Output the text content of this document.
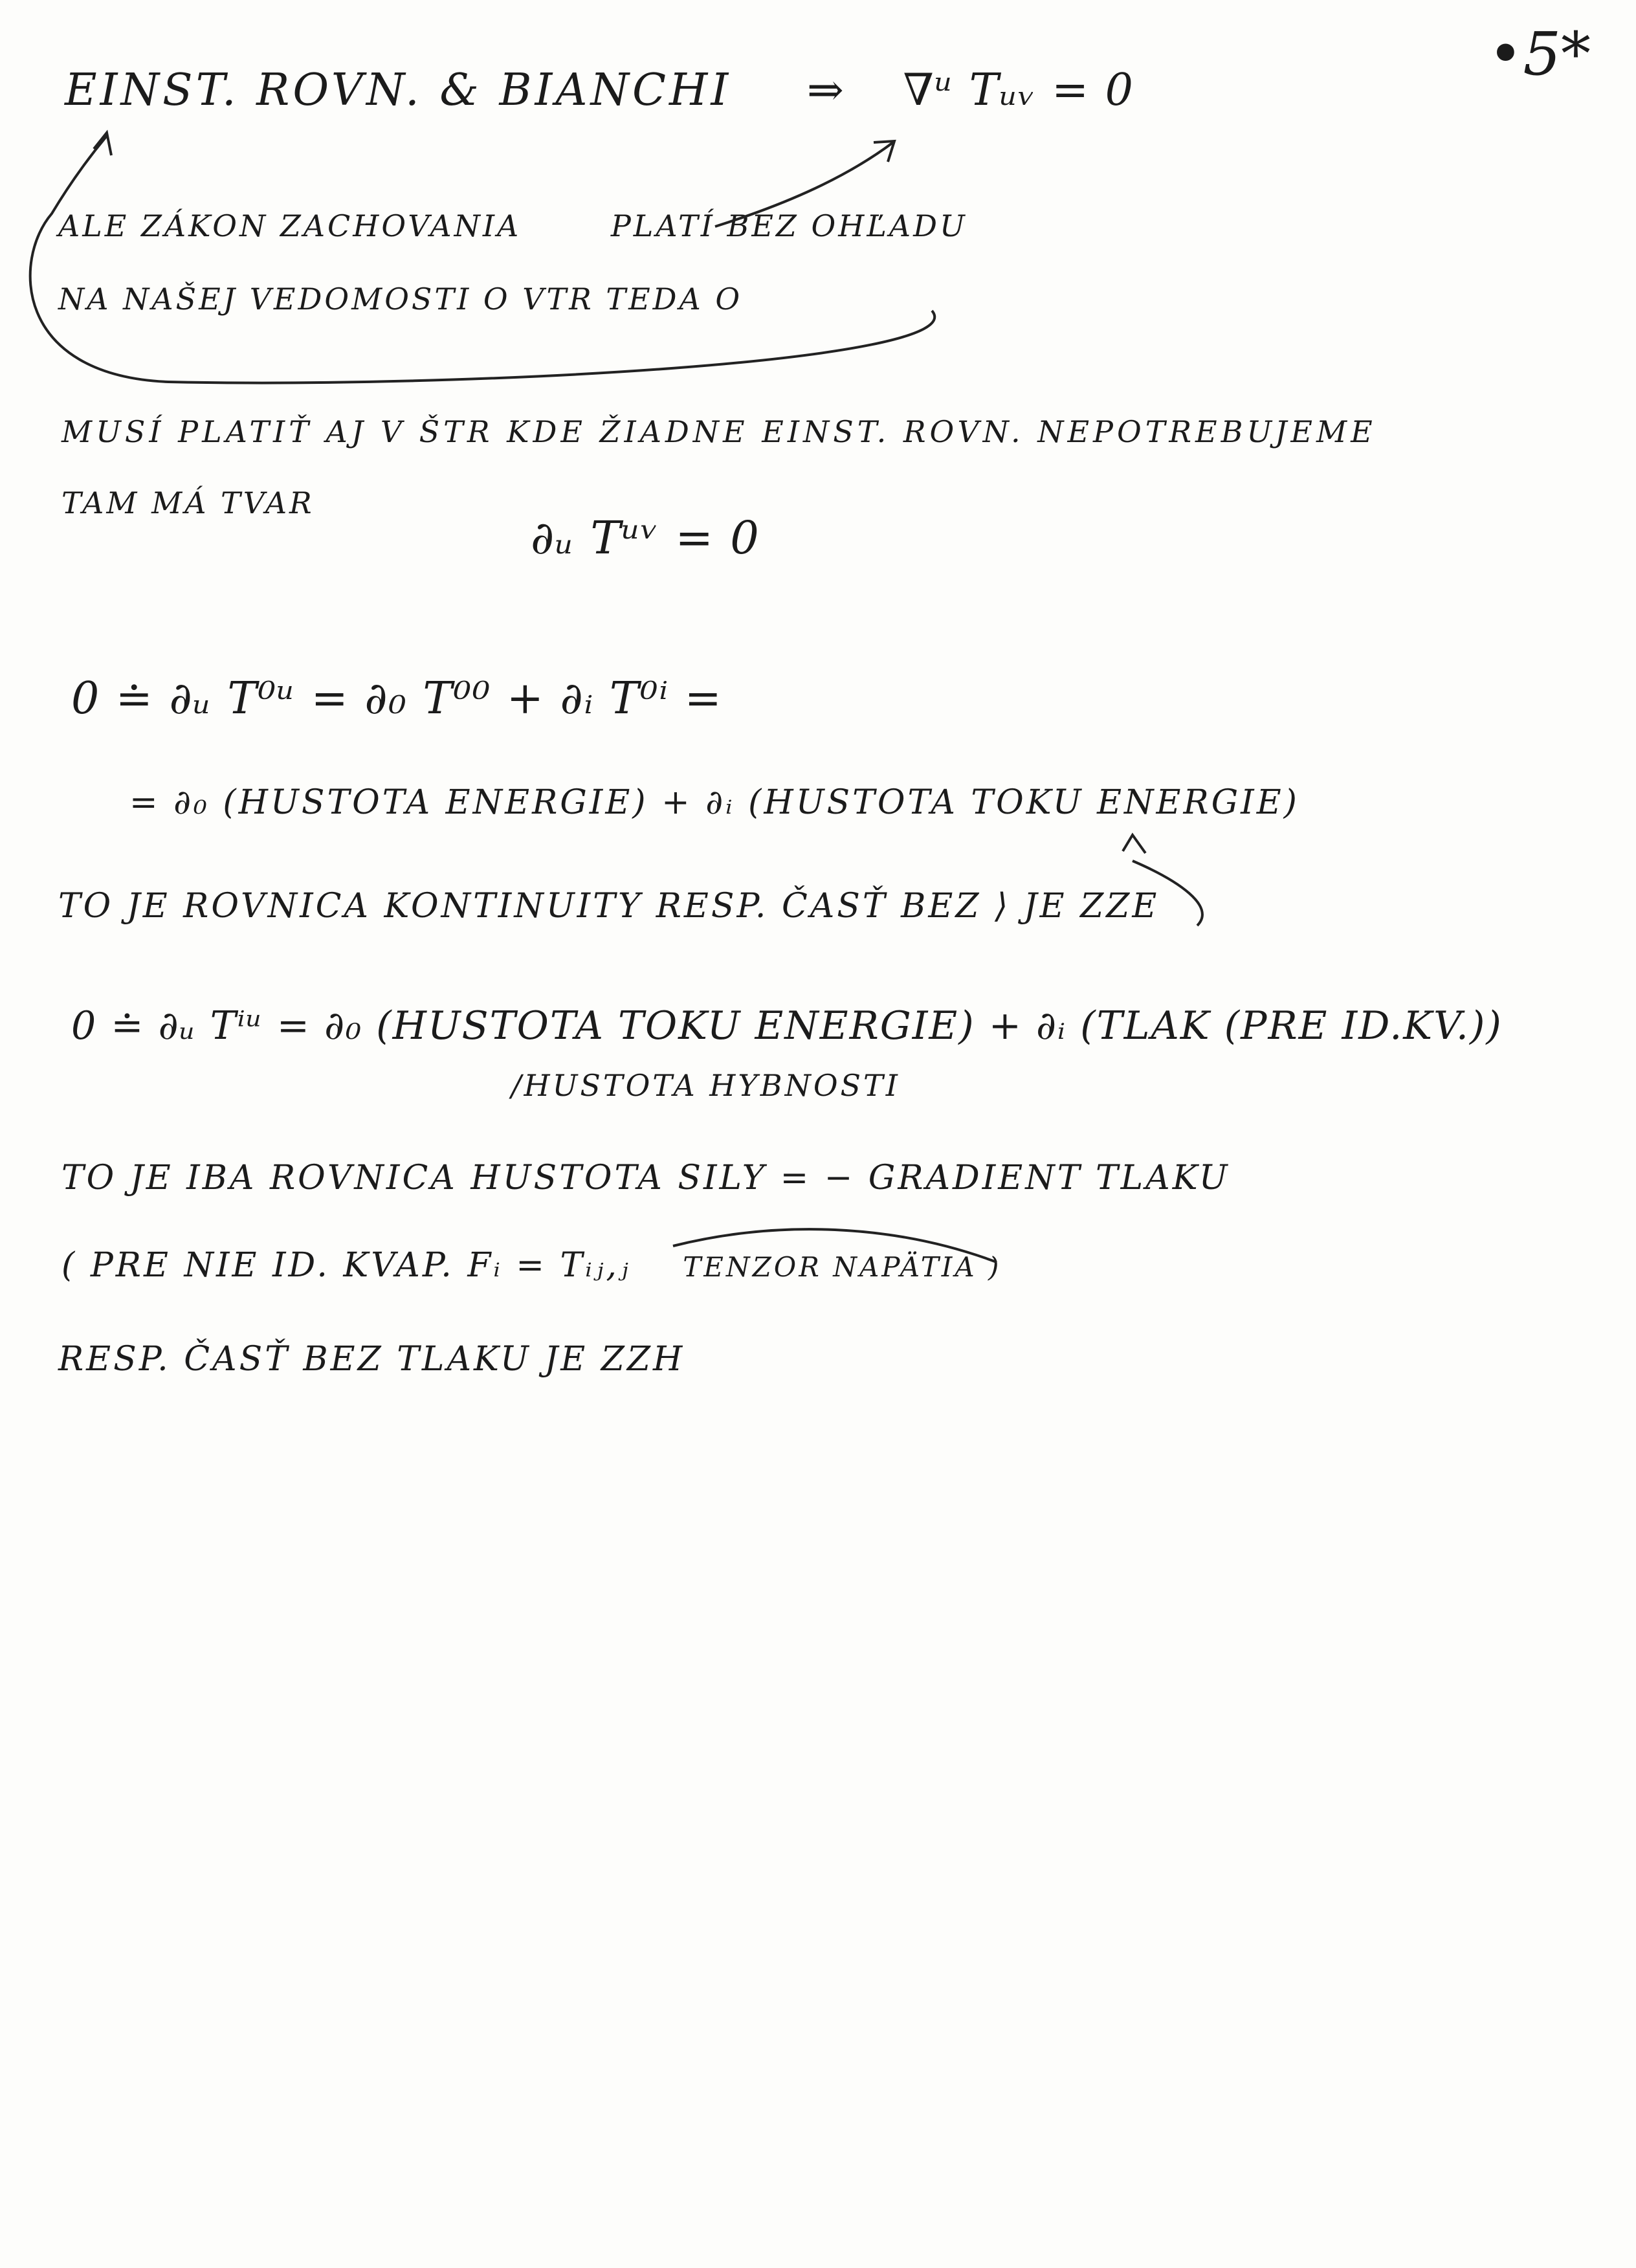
•5*
EINST. ROVN. & BIANCHI ⇒ ∇ᵘ Tᵤᵥ = 0
ALE ZÁKON ZACHOVANIA	PLATÍ BEZ OHĽADU
NA NAŠEJ VEDOMOSTI O VTR TEDA O
MUSÍ PLATIŤ AJ V ŠTR KDE ŽIADNE EINST. ROVN. NEPOTREBUJEME
TAM MÁ TVAR
∂ᵤ Tᵘᵛ = 0
0 ≐ ∂ᵤ T⁰ᵘ = ∂₀ T⁰⁰ + ∂ᵢ T⁰ⁱ =
= ∂₀ (HUSTOTA ENERGIE) + ∂ᵢ (HUSTOTA TOKU ENERGIE)
TO JE ROVNICA KONTINUITY RESP. ČASŤ BEZ ⟩ JE ZZE
0 ≐ ∂ᵤ Tⁱᵘ = ∂₀ (HUSTOTA TOKU ENERGIE) + ∂ᵢ (TLAK (PRE ID.KV.))
/HUSTOTA HYBNOSTI
TO JE IBA ROVNICA HUSTOTA SILY = − GRADIENT TLAKU
( PRE NIE ID. KVAP. Fᵢ = Tᵢⱼ,ⱼ TENZOR NAPÄTIA )
RESP. ČASŤ BEZ TLAKU JE ZZH
